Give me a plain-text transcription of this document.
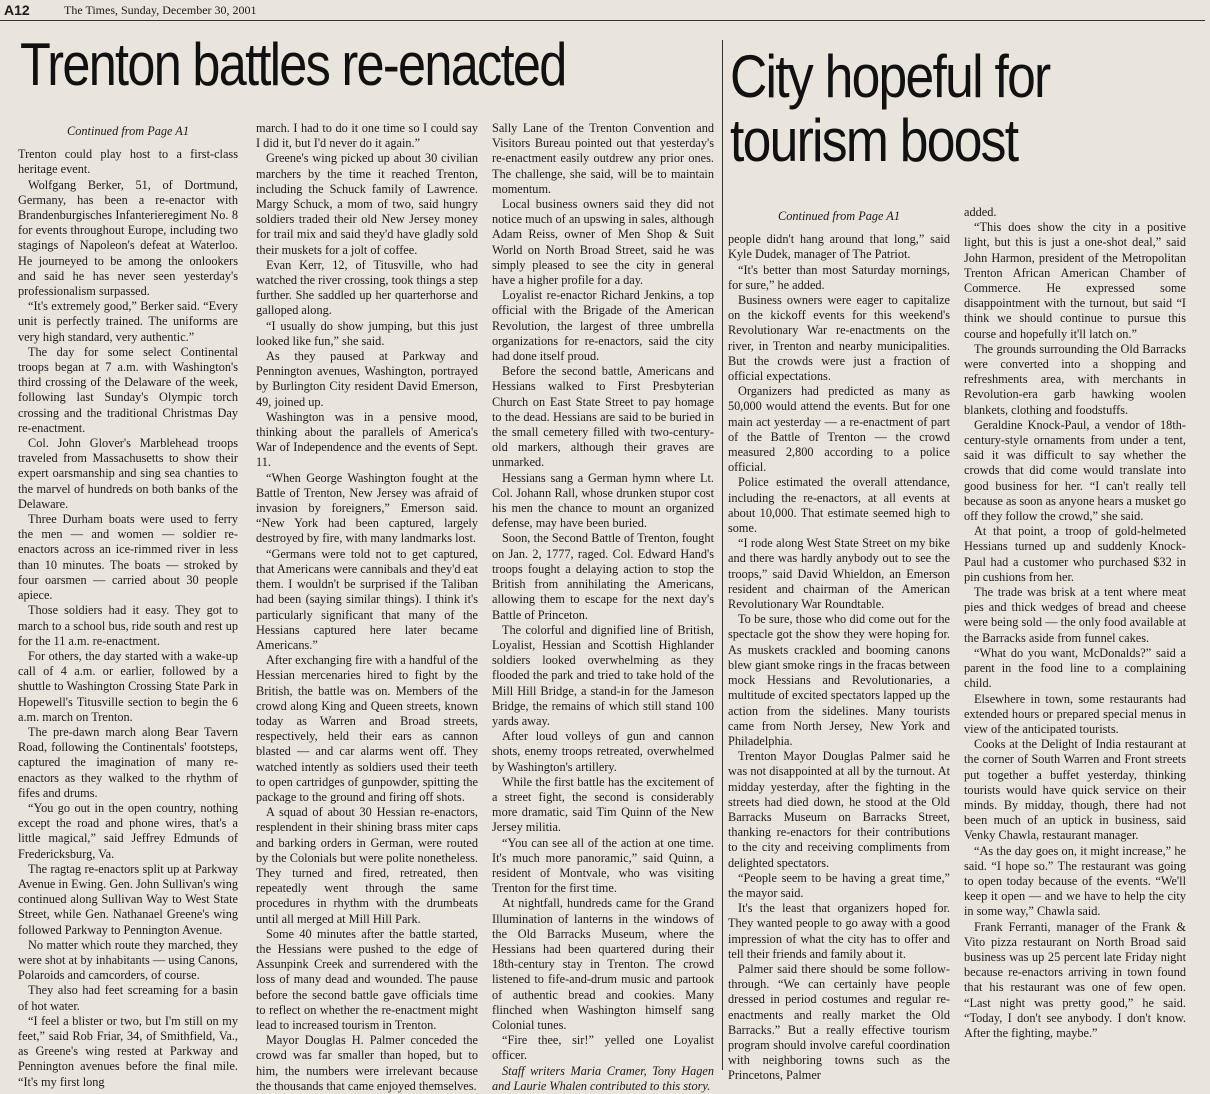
A12	The Times, Sunday, December 30, 2001
Trenton battles re-enacted	City hopeful for tourism boost

Continued from Page A1

Trenton could play host to a first-class heritage event.

Wolfgang Berker, 51, of Dortmund, Germany, has been a re-enactor with Brandenburgisches Infanterieregiment No. 8 for events throughout Europe, including two stagings of Napoleon's defeat at Waterloo. He journeyed to be among the onlookers and said he has never seen yesterday's professionalism surpassed.

“It's extremely good,” Berker said. “Every unit is perfectly trained. The uniforms are very high standard, very authentic.”

The day for some select Continental troops began at 7 a.m. with Washington's third crossing of the Delaware of the week, following last Sunday's Olympic torch crossing and the traditional Christmas Day re-enactment.

Col. John Glover's Marblehead troops traveled from Massachusetts to show their expert oarsmanship and sing sea chanties to the marvel of hundreds on both banks of the Delaware.

Three Durham boats were used to ferry the men — and women — soldier re-enactors across an ice-rimmed river in less than 10 minutes. The boats — stroked by four oarsmen — carried about 30 people apiece.

Those soldiers had it easy. They got to march to a school bus, ride south and rest up for the 11 a.m. re-enactment.

For others, the day started with a wake-up call of 4 a.m. or earlier, followed by a shuttle to Washington Crossing State Park in Hopewell's Titusville section to begin the 6 a.m. march on Trenton.

The pre-dawn march along Bear Tavern Road, following the Continentals' footsteps, captured the imagination of many re-enactors as they walked to the rhythm of fifes and drums.

“You go out in the open country, nothing except the road and phone wires, that's a little magical,” said Jeffrey Edmunds of Fredericksburg, Va.

The ragtag re-enactors split up at Parkway Avenue in Ewing. Gen. John Sullivan's wing continued along Sullivan Way to West State Street, while Gen. Nathanael Greene's wing followed Parkway to Pennington Avenue.

No matter which route they marched, they were shot at by inhabitants — using Canons, Polaroids and camcorders, of course.

They also had feet screaming for a basin of hot water.

“I feel a blister or two, but I'm still on my feet,” said Rob Friar, 34, of Smithfield, Va., as Greene's wing rested at Parkway and Pennington avenues before the final mile. “It's my first long

march. I had to do it one time so I could say I did it, but I'd never do it again.”

Greene's wing picked up about 30 civilian marchers by the time it reached Trenton, including the Schuck family of Lawrence. Margy Schuck, a mom of two, said hungry soldiers traded their old New Jersey money for trail mix and said they'd have gladly sold their muskets for a jolt of coffee.

Evan Kerr, 12, of Titusville, who had watched the river crossing, took things a step further. She saddled up her quarterhorse and galloped along.

“I usually do show jumping, but this just looked like fun,” she said.

As they paused at Parkway and Pennington avenues, Washington, portrayed by Burlington City resident David Emerson, 49, joined up.

Washington was in a pensive mood, thinking about the parallels of America's War of Independence and the events of Sept. 11.

“When George Washington fought at the Battle of Trenton, New Jersey was afraid of invasion by foreigners,” Emerson said. “New York had been captured, largely destroyed by fire, with many landmarks lost.

“Germans were told not to get captured, that Americans were cannibals and they'd eat them. I wouldn't be surprised if the Taliban had been (saying similar things). I think it's particularly significant that many of the Hessians captured here later became Americans.”

After exchanging fire with a handful of the Hessian mercenaries hired to fight by the British, the battle was on. Members of the crowd along King and Queen streets, known today as Warren and Broad streets, respectively, held their ears as cannon blasted — and car alarms went off. They watched intently as soldiers used their teeth to open cartridges of gunpowder, spitting the package to the ground and firing off shots.

A squad of about 30 Hessian re-enactors, resplendent in their shining brass miter caps and barking orders in German, were routed by the Colonials but were polite nonetheless. They turned and fired, retreated, then repeatedly went through the same procedures in rhythm with the drumbeats until all merged at Mill Hill Park.

Some 40 minutes after the battle started, the Hessians were pushed to the edge of Assunpink Creek and surrendered with the loss of many dead and wounded. The pause before the second battle gave officials time to reflect on whether the re-enactment might lead to increased tourism in Trenton.

Mayor Douglas H. Palmer conceded the crowd was far smaller than hoped, but to him, the numbers were irrelevant because the thousands that came enjoyed themselves.

Sally Lane of the Trenton Convention and Visitors Bureau pointed out that yesterday's re-enactment easily outdrew any prior ones. The challenge, she said, will be to maintain momentum.

Local business owners said they did not notice much of an upswing in sales, although Adam Reiss, owner of Men Shop & Suit World on North Broad Street, said he was simply pleased to see the city in general have a higher profile for a day.

Loyalist re-enactor Richard Jenkins, a top official with the Brigade of the American Revolution, the largest of three umbrella organizations for re-enactors, said the city had done itself proud.

Before the second battle, Americans and Hessians walked to First Presbyterian Church on East State Street to pay homage to the dead. Hessians are said to be buried in the small cemetery filled with two-century-old markers, although their graves are unmarked.

Hessians sang a German hymn where Lt. Col. Johann Rall, whose drunken stupor cost his men the chance to mount an organized defense, may have been buried.

Soon, the Second Battle of Trenton, fought on Jan. 2, 1777, raged. Col. Edward Hand's troops fought a delaying action to stop the British from annihilating the Americans, allowing them to escape for the next day's Battle of Princeton.

The colorful and dignified line of British, Loyalist, Hessian and Scottish Highlander soldiers looked overwhelming as they flooded the park and tried to take hold of the Mill Hill Bridge, a stand-in for the Jameson Bridge, the remains of which still stand 100 yards away.

After loud volleys of gun and cannon shots, enemy troops retreated, overwhelmed by Washington's artillery.

While the first battle has the excitement of a street fight, the second is considerably more dramatic, said Tim Quinn of the New Jersey militia.

“You can see all of the action at one time. It's much more panoramic,” said Quinn, a resident of Montvale, who was visiting Trenton for the first time.

At nightfall, hundreds came for the Grand Illumination of lanterns in the windows of the Old Barracks Museum, where the Hessians had been quartered during their 18th-century stay in Trenton. The crowd listened to fife-and-drum music and partook of authentic bread and cookies. Many flinched when Washington himself sang Colonial tunes.

“Fire thee, sir!” yelled one Loyalist officer.

Staff writers Maria Cramer, Tony Hagen and Laurie Whalen contributed to this story.

Continued from Page A1

people didn't hang around that long,” said Kyle Dudek, manager of The Patriot.

“It's better than most Saturday mornings, for sure,” he added.

Business owners were eager to capitalize on the kickoff events for this weekend's Revolutionary War re-enactments on the river, in Trenton and nearby municipalities. But the crowds were just a fraction of official expectations.

Organizers had predicted as many as 50,000 would attend the events. But for one main act yesterday — a re-enactment of part of the Battle of Trenton — the crowd measured 2,800 according to a police official.

Police estimated the overall attendance, including the re-enactors, at all events at about 10,000. That estimate seemed high to some.

“I rode along West State Street on my bike and there was hardly anybody out to see the troops,” said David Whieldon, an Emerson resident and chairman of the American Revolutionary War Roundtable.

To be sure, those who did come out for the spectacle got the show they were hoping for. As muskets crackled and booming canons blew giant smoke rings in the fracas between mock Hessians and Revolutionaries, a multitude of excited spectators lapped up the action from the sidelines. Many tourists came from North Jersey, New York and Philadelphia.

Trenton Mayor Douglas Palmer said he was not disappointed at all by the turnout. At midday yesterday, after the fighting in the streets had died down, he stood at the Old Barracks Museum on Barracks Street, thanking re-enactors for their contributions to the city and receiving compliments from delighted spectators.

“People seem to be having a great time,” the mayor said.

It's the least that organizers hoped for. They wanted people to go away with a good impression of what the city has to offer and tell their friends and family about it.

Palmer said there should be some follow-through. “We can certainly have people dressed in period costumes and regular re-enactments and really market the Old Barracks.” But a really effective tourism program should involve careful coordination with neighboring towns such as the Princetons, Palmer

added.

“This does show the city in a positive light, but this is just a one-shot deal,” said John Harmon, president of the Metropolitan Trenton African American Chamber of Commerce. He expressed some disappointment with the turnout, but said “I think we should continue to pursue this course and hopefully it'll latch on.”

The grounds surrounding the Old Barracks were converted into a shopping and refreshments area, with merchants in Revolution-era garb hawking woolen blankets, clothing and foodstuffs.

Geraldine Knock-Paul, a vendor of 18th-century-style ornaments from under a tent, said it was difficult to say whether the crowds that did come would translate into good business for her. “I can't really tell because as soon as anyone hears a musket go off they follow the crowd,” she said.

At that point, a troop of gold-helmeted Hessians turned up and suddenly Knock-Paul had a customer who purchased $32 in pin cushions from her.

The trade was brisk at a tent where meat pies and thick wedges of bread and cheese were being sold — the only food available at the Barracks aside from funnel cakes.

“What do you want, McDonalds?” said a parent in the food line to a complaining child.

Elsewhere in town, some restaurants had extended hours or prepared special menus in view of the anticipated tourists.

Cooks at the Delight of India restaurant at the corner of South Warren and Front streets put together a buffet yesterday, thinking tourists would have quick service on their minds. By midday, though, there had not been much of an uptick in business, said Venky Chawla, restaurant manager.

“As the day goes on, it might increase,” he said. “I hope so.” The restaurant was going to open today because of the events. “We'll keep it open — and we have to help the city in some way,” Chawla said.

Frank Ferranti, manager of the Frank & Vito pizza restaurant on North Broad said business was up 25 percent late Friday night because re-enactors arriving in town found that his restaurant was one of few open. “Last night was pretty good,” he said. “Today, I don't see anybody. I don't know. After the fighting, maybe.”
